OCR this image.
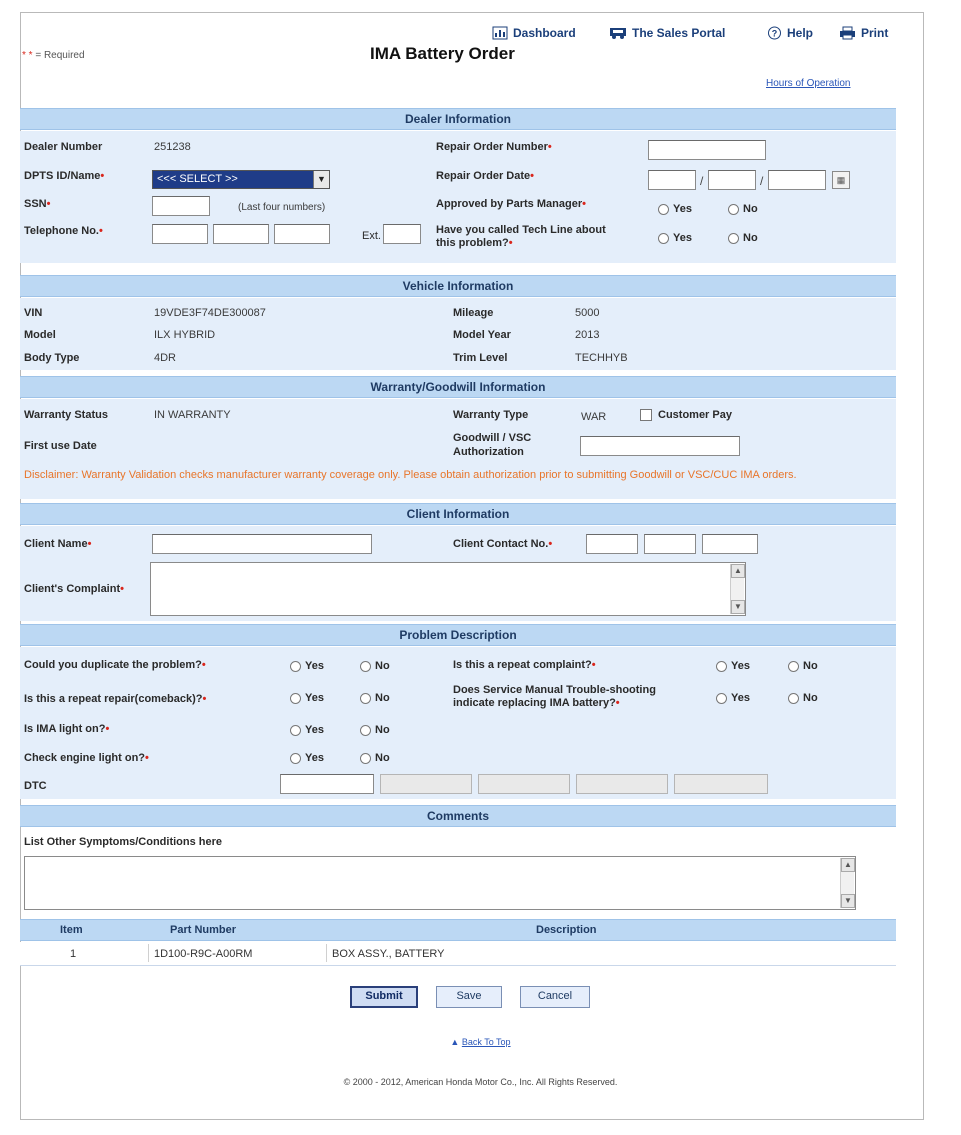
* * = Required	IMA Battery Order
Dashboard	The Sales Portal	? Help	Print
Hours of Operation
Dealer Information
Dealer Number	251238
DPTS ID/Name•	<<< SELECT >>	▼
SSN•	(Last four numbers)
Telephone No.•	Ext.
Repair Order Number•
Repair Order Date•	/	/	▦
Approved by Parts Manager•	Yes	No
Have you called Tech Line about
this problem?•	Yes	No
Vehicle Information
VIN	19VDE3F74DE300087
Model	ILX HYBRID
Body Type	4DR
Mileage	5000
Model Year	2013
Trim Level	TECHHYB
Warranty/Goodwill Information
Warranty Status	IN WARRANTY
First use Date
Warranty Type	WAR	Customer Pay
Goodwill / VSC
Authorization
Disclaimer: Warranty Validation checks manufacturer warranty coverage only. Please obtain authorization prior to submitting Goodwill or VSC/CUC IMA orders.
Client Information
Client Name•	Client Contact No.•
Client's Complaint•
▲
▼
Problem Description
Could you duplicate the problem?•	Yes	No
Is this a repeat repair(comeback)?•	Yes	No
Is IMA light on?•	Yes	No
Check engine light on?•	Yes	No
DTC
Is this a repeat complaint?•	Yes	No
Does Service Manual Trouble-shooting
indicate replacing IMA battery?•	Yes	No
Comments
List Other Symptoms/Conditions here
▲
▼
Item	Part Number	Description
1	1D100-R9C-A00RM	BOX ASSY., BATTERY
Submit	Save	Cancel
▲ Back To Top
© 2000 - 2012, American Honda Motor Co., Inc. All Rights Reserved.
